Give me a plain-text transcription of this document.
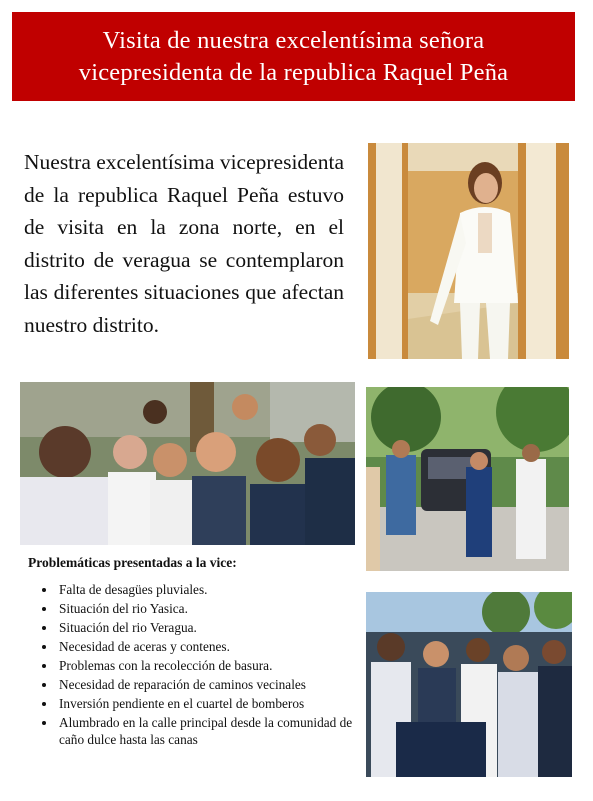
Visita de nuestra excelentísima señora
vicepresidenta de la republica Raquel Peña

Nuestra excelentísima vicepresidenta de la republica Raquel Peña estuvo de visita en la zona norte, en el distrito de veragua se contemplaron las diferentes situaciones que afectan nuestro distrito.

Problemáticas presentadas a la vice:

• Falta de desagües pluviales.
• Situación del rio Yasica.
• Situación del rio Veragua.
• Necesidad de aceras y contenes.
• Problemas con la recolección de basura.
• Necesidad de reparación de caminos vecinales
• Inversión pendiente en el cuartel de bomberos
• Alumbrado en la calle principal desde la comunidad de caño dulce hasta las canas
